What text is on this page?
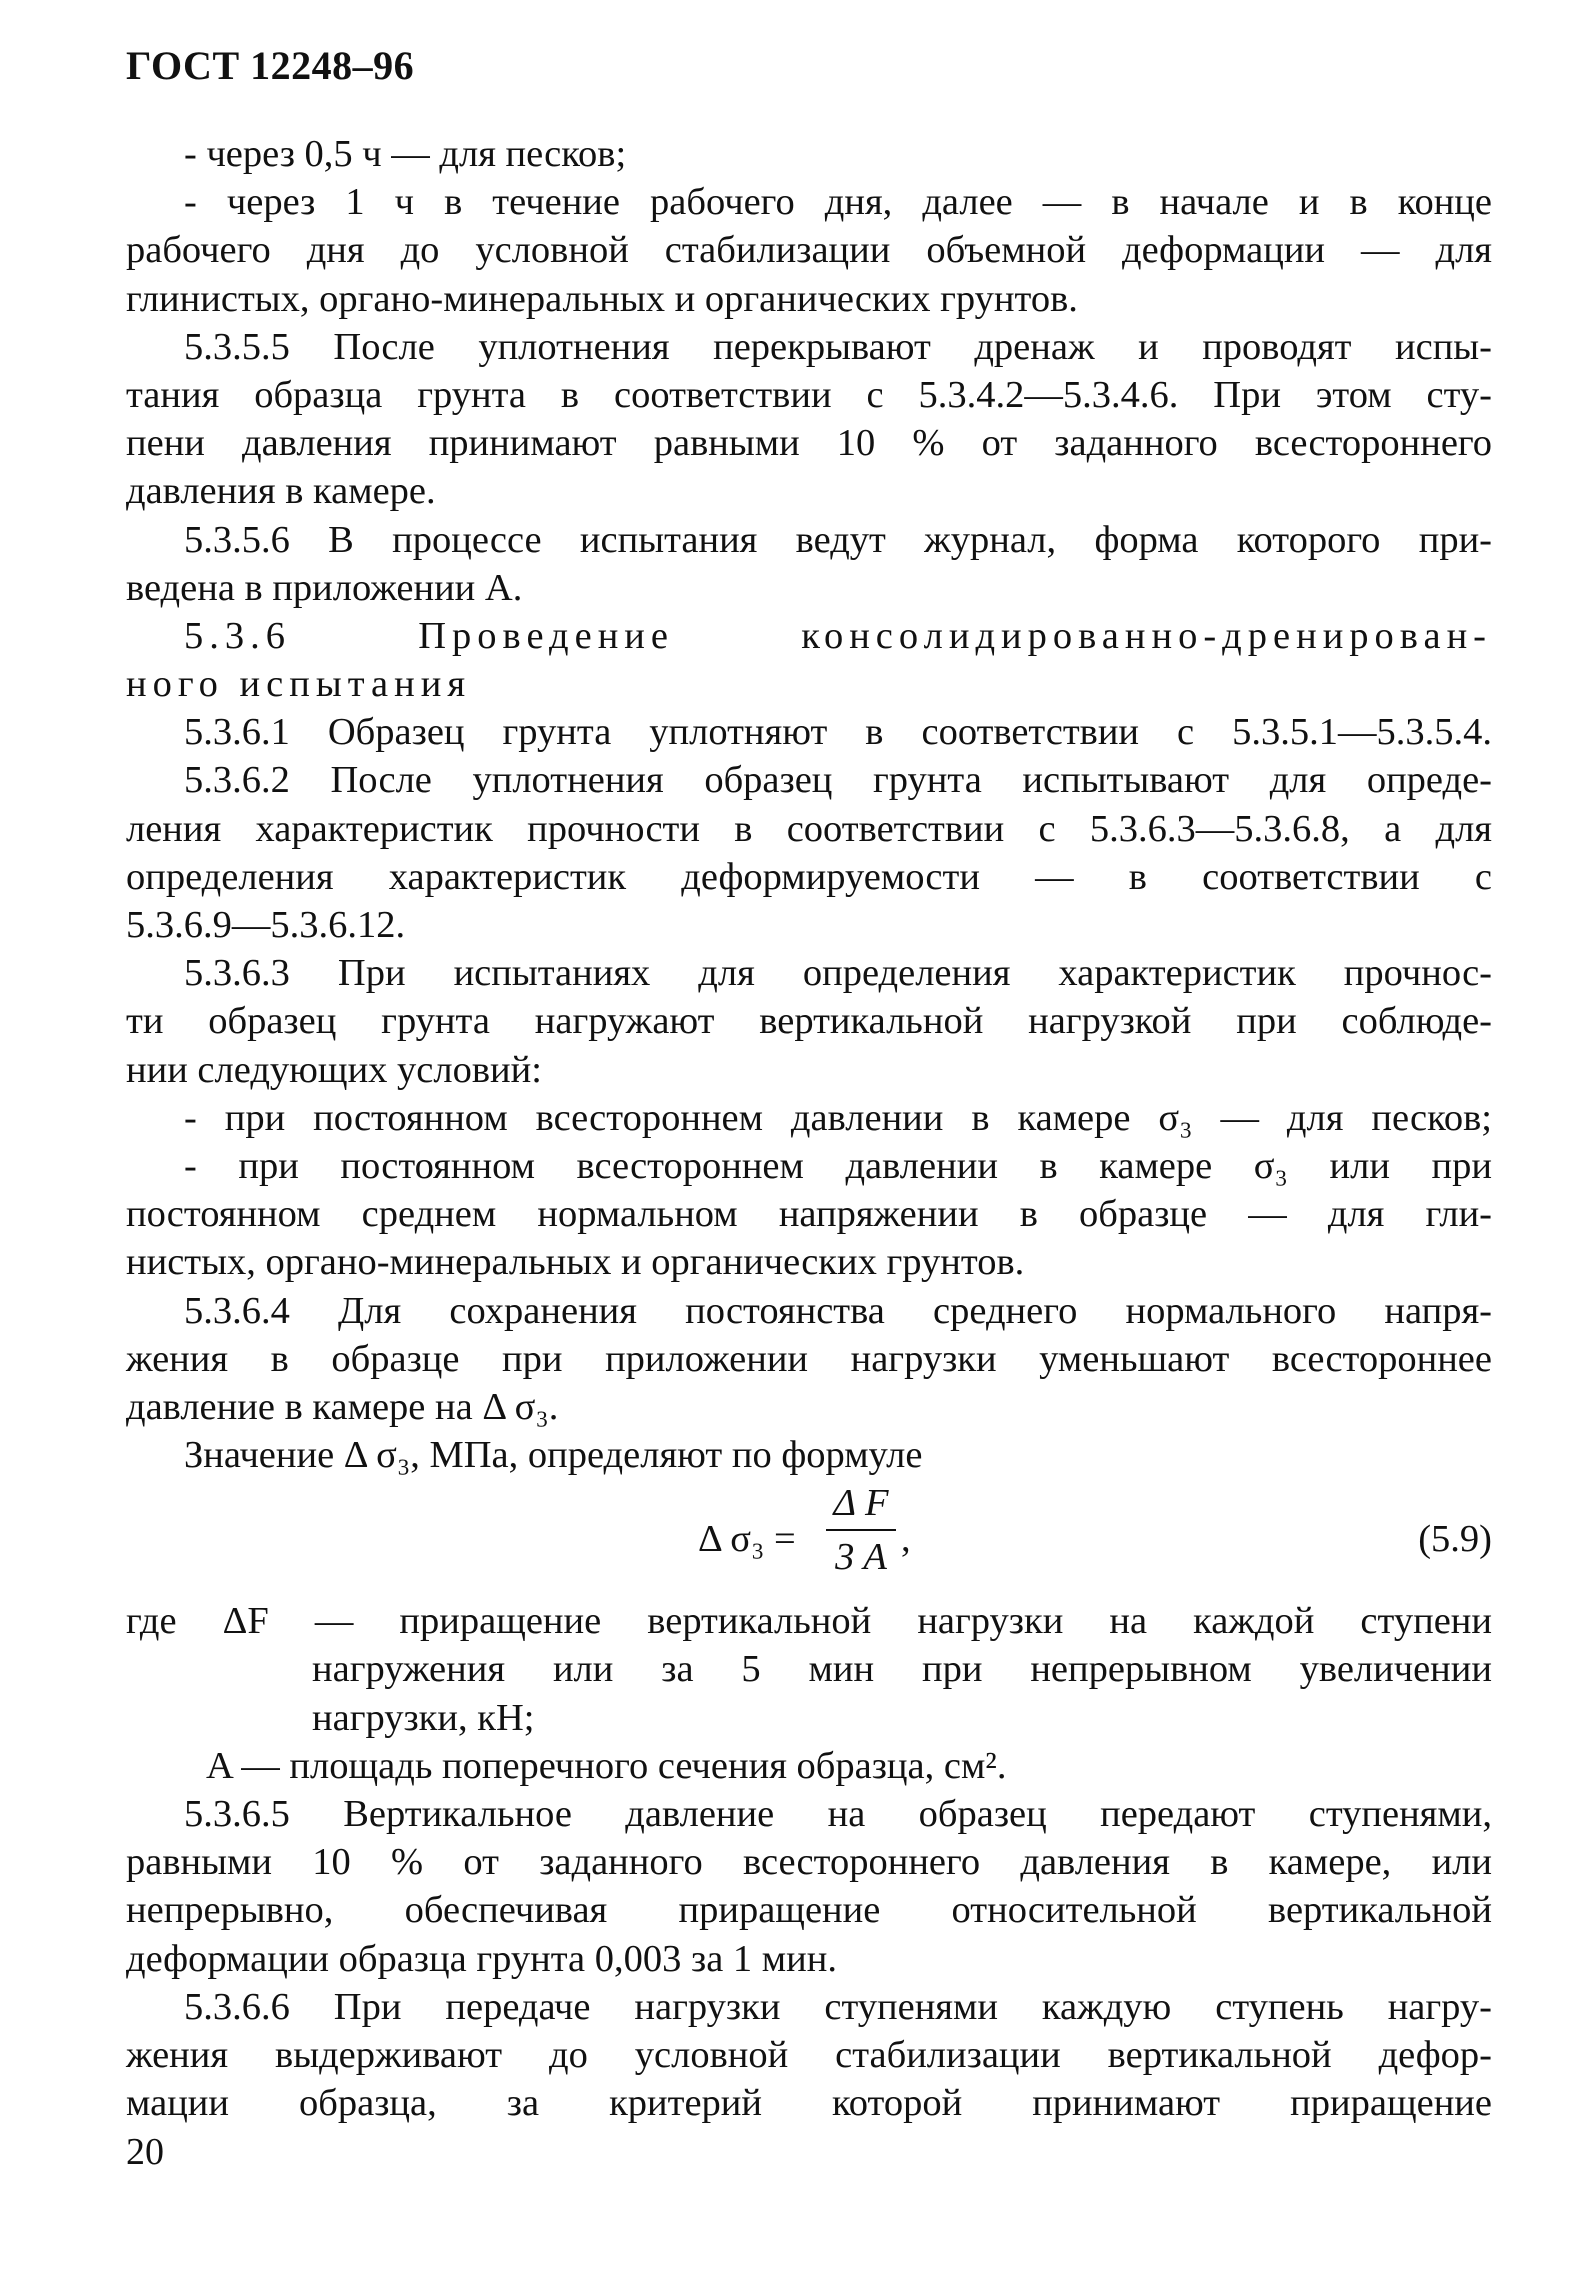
ГОСТ 12248–96
- через 0,5 ч — для песков;
- через 1 ч в течение рабочего дня, далее — в начале и в конце
рабочего дня до условной стабилизации объемной деформации — для
глинистых, органо-минеральных и органических грунтов.
5.3.5.5 После уплотнения перекрывают дренаж и проводят испы-
тания образца грунта в соответствии с 5.3.4.2—5.3.4.6. При этом сту-
пени давления принимают равными 10 % от заданного всестороннего
давления в камере.
5.3.5.6 В процессе испытания ведут журнал, форма которого при-
ведена в приложении А.
5.3.6 Проведение консолидированно-дренирован-
ного испытания
5.3.6.1 Образец грунта уплотняют в соответствии с 5.3.5.1—5.3.5.4.
5.3.6.2 После уплотнения образец грунта испытывают для опреде-
ления характеристик прочности в соответствии с 5.3.6.3—5.3.6.8, а для
определения характеристик деформируемости — в соответствии с
5.3.6.9—5.3.6.12.
5.3.6.3 При испытаниях для определения характеристик прочнос-
ти образец грунта нагружают вертикальной нагрузкой при соблюде-
нии следующих условий:
- при постоянном всестороннем давлении в камере σ₃ — для песков;
- при постоянном всестороннем давлении в камере σ₃ или при
постоянном среднем нормальном напряжении в образце — для гли-
нистых, органо-минеральных и органических грунтов.
5.3.6.4 Для сохранения постоянства среднего нормального напря-
жения в образце при приложении нагрузки уменьшают всестороннее
давление в камере на Δ σ₃.
Значение Δ σ₃, МПа, определяют по формуле
Δ σ₃ =
Δ F
3 A ,	(5.9)
где ΔF — приращение вертикальной нагрузки на каждой ступени
нагружения или за 5 мин при непрерывном увеличении
нагрузки, кН;
A — площадь поперечного сечения образца, см².
5.3.6.5 Вертикальное давление на образец передают ступенями,
равными 10 % от заданного всестороннего давления в камере, или
непрерывно, обеспечивая приращение относительной вертикальной
деформации образца грунта 0,003 за 1 мин.
5.3.6.6 При передаче нагрузки ступенями каждую ступень нагру-
жения выдерживают до условной стабилизации вертикальной дефор-
мации образца, за критерий которой принимают приращение
20
